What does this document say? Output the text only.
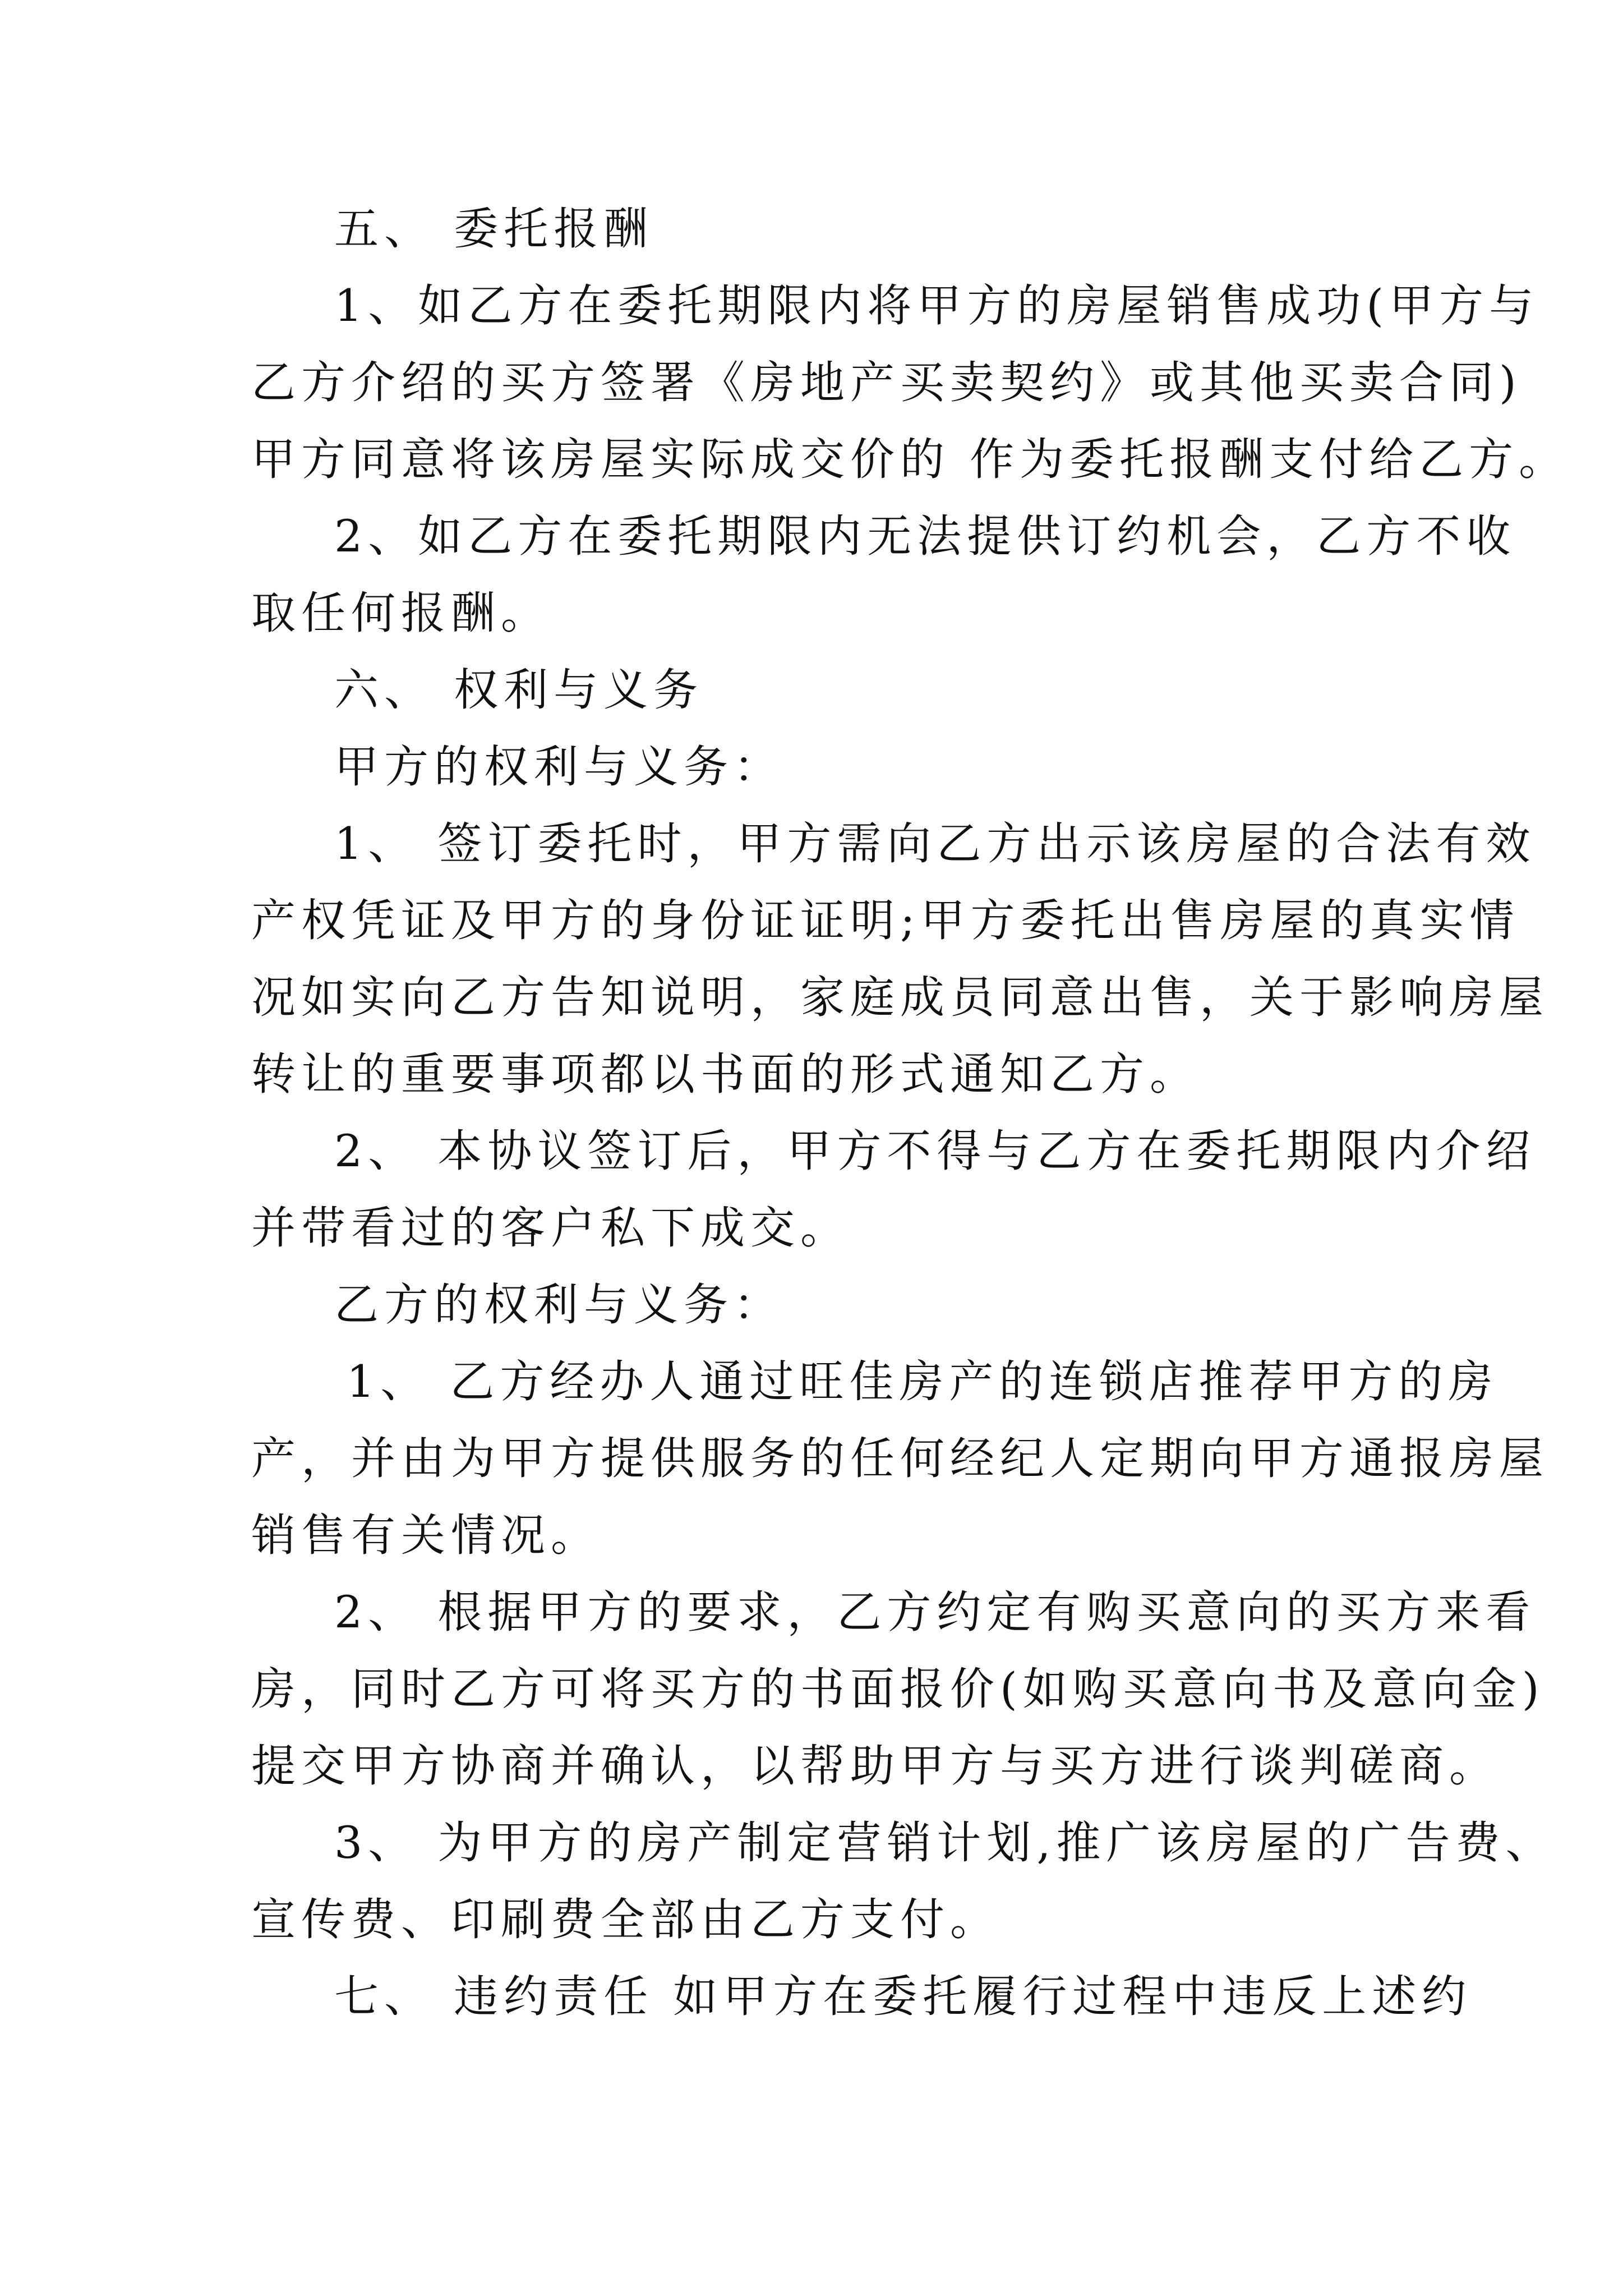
五、 委托报酬
1、如乙方在委托期限内将甲方的房屋销售成功(甲方与
乙方介绍的买方签署《房地产买卖契约》或其他买卖合同)
甲方同意将该房屋实际成交价的 作为委托报酬支付给乙方。
2、如乙方在委托期限内无法提供订约机会，乙方不收
取任何报酬。
六、 权利与义务
甲方的权利与义务：
1、 签订委托时，甲方需向乙方出示该房屋的合法有效
产权凭证及甲方的身份证证明;甲方委托出售房屋的真实情
况如实向乙方告知说明，家庭成员同意出售，关于影响房屋
转让的重要事项都以书面的形式通知乙方。
2、 本协议签订后，甲方不得与乙方在委托期限内介绍
并带看过的客户私下成交。
乙方的权利与义务：
1、 乙方经办人通过旺佳房产的连锁店推荐甲方的房
产，并由为甲方提供服务的任何经纪人定期向甲方通报房屋
销售有关情况。
2、 根据甲方的要求，乙方约定有购买意向的买方来看
房，同时乙方可将买方的书面报价(如购买意向书及意向金)
提交甲方协商并确认，以帮助甲方与买方进行谈判磋商。
3、 为甲方的房产制定营销计划,推广该房屋的广告费、
宣传费、印刷费全部由乙方支付。
七、 违约责任 如甲方在委托履行过程中违反上述约
